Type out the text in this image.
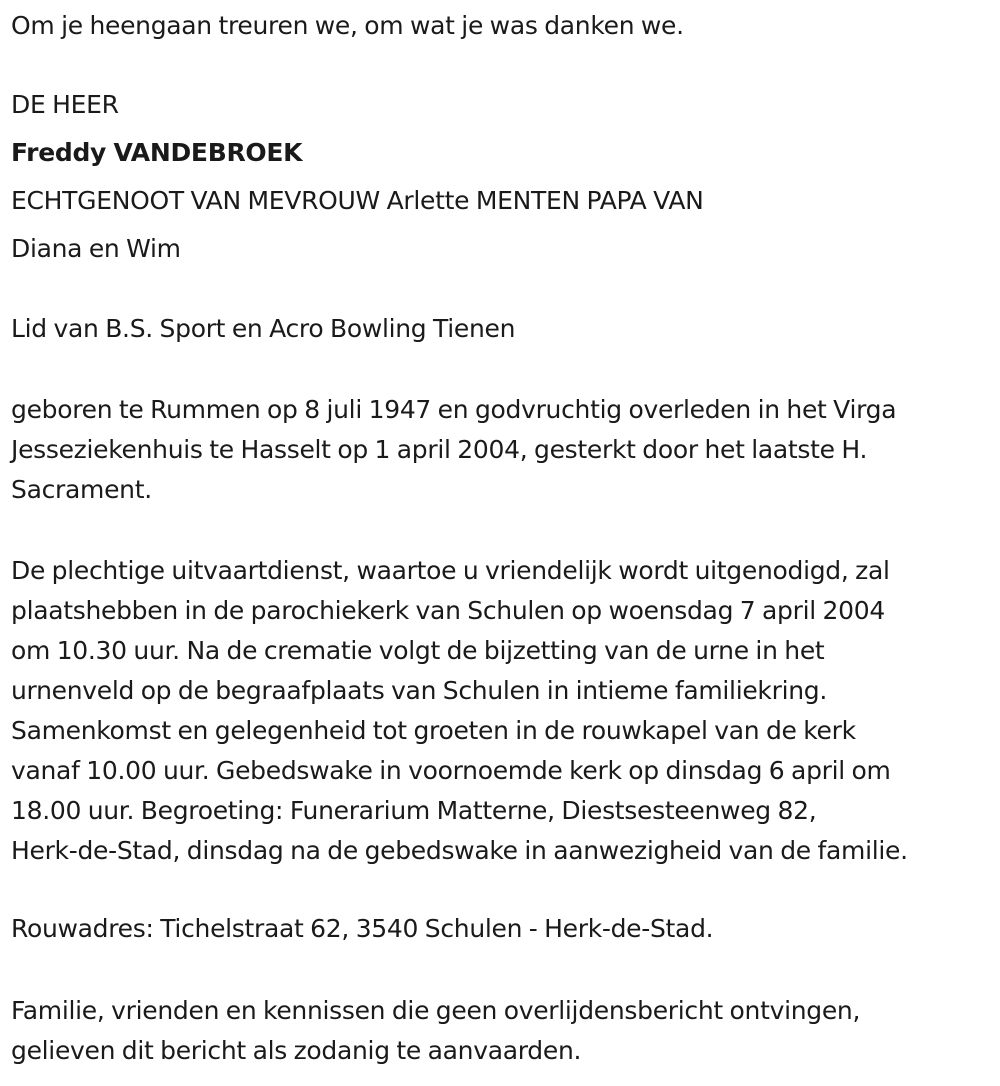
Om je heengaan treuren we, om wat je was danken we.
DE HEER
Freddy VANDEBROEK
ECHTGENOOT VAN MEVROUW Arlette MENTEN PAPA VAN
Diana en Wim
Lid van B.S. Sport en Acro Bowling Tienen
geboren te Rummen op 8 juli 1947 en godvruchtig overleden in het Virga
Jesseziekenhuis te Hasselt op 1 april 2004, gesterkt door het laatste H.
Sacrament.
De plechtige uitvaartdienst, waartoe u vriendelijk wordt uitgenodigd, zal
plaatshebben in de parochiekerk van Schulen op woensdag 7 april 2004
om 10.30 uur. Na de crematie volgt de bijzetting van de urne in het
urnenveld op de begraafplaats van Schulen in intieme familiekring.
Samenkomst en gelegenheid tot groeten in de rouwkapel van de kerk
vanaf 10.00 uur. Gebedswake in voornoemde kerk op dinsdag 6 april om
18.00 uur. Begroeting: Funerarium Matterne, Diestsesteenweg 82,
Herk-de-Stad, dinsdag na de gebedswake in aanwezigheid van de familie.
Rouwadres: Tichelstraat 62, 3540 Schulen - Herk-de-Stad.
Familie, vrienden en kennissen die geen overlijdensbericht ontvingen,
gelieven dit bericht als zodanig te aanvaarden.
